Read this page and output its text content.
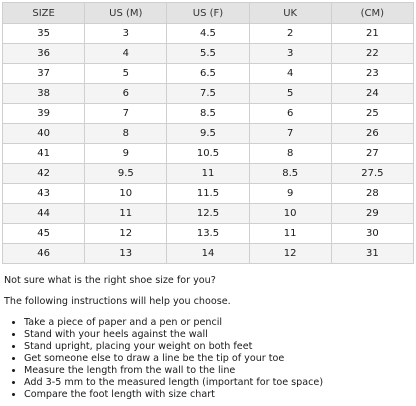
SIZE	US (M)	US (F)	UK	(CM)
35	3	4.5	2	21
36	4	5.5	3	22
37	5	6.5	4	23
38	6	7.5	5	24
39	7	8.5	6	25
40	8	9.5	7	26
41	9	10.5	8	27
42	9.5	11	8.5	27.5
43	10	11.5	9	28
44	11	12.5	10	29
45	12	13.5	11	30
46	13	14	12	31

Not sure what is the right shoe size for you?

The following instructions will help you choose.

• Take a piece of paper and a pen or pencil
• Stand with your heels against the wall
• Stand upright, placing your weight on both feet
• Get someone else to draw a line be the tip of your toe
• Measure the length from the wall to the line
• Add 3-5 mm to the measured length (important for toe space)
• Compare the foot length with size chart
